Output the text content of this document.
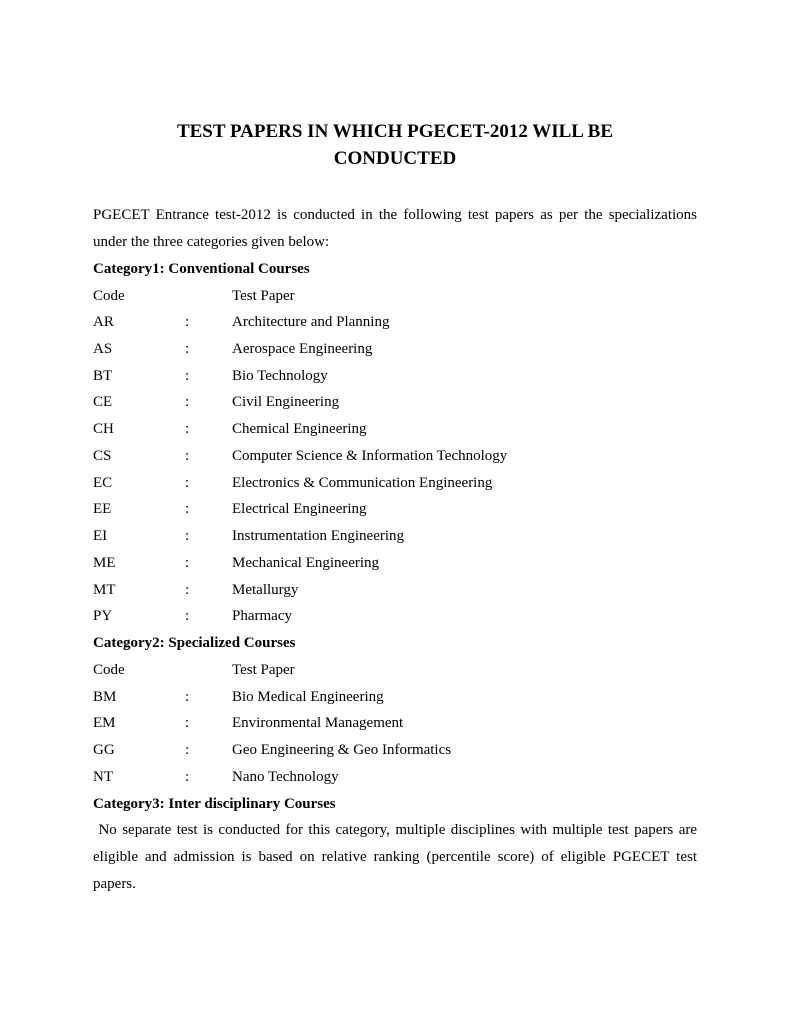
TEST PAPERS IN WHICH PGECET-2012 WILL BE
CONDUCTED

PGECET Entrance test-2012 is conducted in the following test papers as per the specializations under the three categories given below:

Category1: Conventional Courses
Code	Test Paper
AR	:	Architecture and Planning
AS	:	Aerospace Engineering
BT	:	Bio Technology
CE	:	Civil Engineering
CH	:	Chemical Engineering
CS	:	Computer Science & Information Technology
EC	:	Electronics & Communication Engineering
EE	:	Electrical Engineering
EI	:	Instrumentation Engineering
ME	:	Mechanical Engineering
MT	:	Metallurgy
PY	:	Pharmacy
Category2: Specialized Courses
Code	Test Paper
BM	:	Bio Medical Engineering
EM	:	Environmental Management
GG	:	Geo Engineering & Geo Informatics
NT	:	Nano Technology
Category3: Inter disciplinary Courses

No separate test is conducted for this category, multiple disciplines with multiple test papers are eligible and admission is based on relative ranking (percentile score) of eligible PGECET test papers.
